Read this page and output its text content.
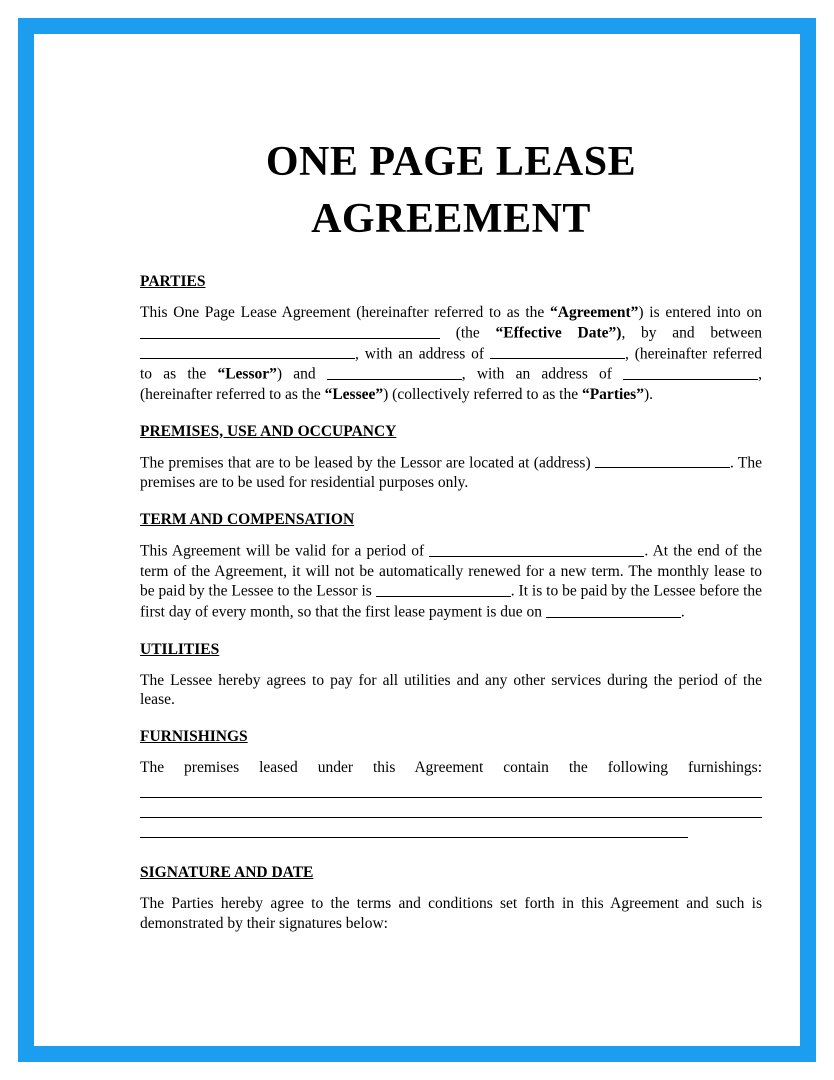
ONE PAGE LEASE AGREEMENT
PARTIES

This One Page Lease Agreement (hereinafter referred to as the “Agreement”) is entered into on  (the “Effective Date”), by and between , with an address of	, (hereinafter referred to as the “Lessor”) and	, with an address of	, (hereinafter referred to as the “Lessee”) (collectively referred to as the “Parties”).

PREMISES, USE AND OCCUPANCY

The premises that are to be leased by the Lessor are located at (address)	. The premises are to be used for residential purposes only.

TERM AND COMPENSATION

This Agreement will be valid for a period of	. At the end of the term of the Agreement, it will not be automatically renewed for a new term. The monthly lease to be paid by the Lessee to the Lessor is	. It is to be paid by the Lessee before the first day of every month, so that the first lease payment is due on	.

UTILITIES

The Lessee hereby agrees to pay for all utilities and any other services during the period of the lease.

FURNISHINGS

The premises leased under this Agreement contain the following furnishings:

SIGNATURE AND DATE

The Parties hereby agree to the terms and conditions set forth in this Agreement and such is demonstrated by their signatures below:
